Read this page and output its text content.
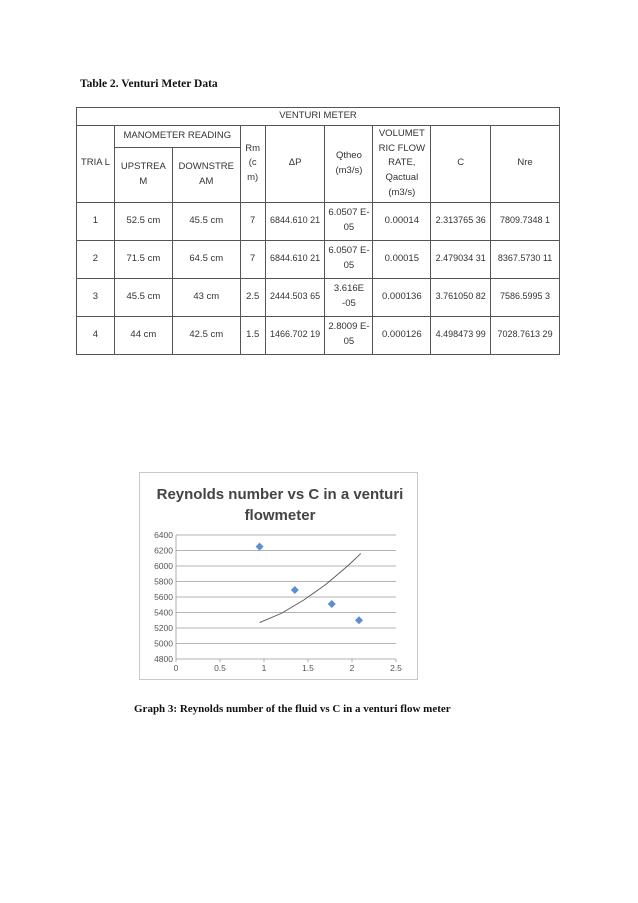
Table 2. Venturi Meter Data
VENTURI METER								
TRIA L	MANOMETER READING		Rm (c m)	ΔP	Qtheo (m3/s)	VOLUMET RIC FLOW RATE, Qactual (m3/s)	C	Nre
	UPSTREA M	DOWNSTRE AM						
1	52.5 cm	45.5 cm	7	6844.610 21	6.0507 E-05	0.00014	2.313765 36	7809.7348 1
2	71.5 cm	64.5 cm	7	6844.610 21	6.0507 E-05	0.00015	2.479034 31	8367.5730 11
3	45.5 cm	43 cm	2.5	2444.503 65	3.616E -05	0.000136	3.761050 82	7586.5995 3
4	44 cm	42.5 cm	1.5	1466.702 19	2.8009 E-05	0.000126	4.498473 99	7028.7613 29
Reynolds number vs C in a venturi
flowmeter
4800
5000
5200
5400
5600
5800
6000
6200
6400
0	0.5	1	1.5	2	2.5
Graph 3: Reynolds number of the fluid vs C in a venturi flow meter
